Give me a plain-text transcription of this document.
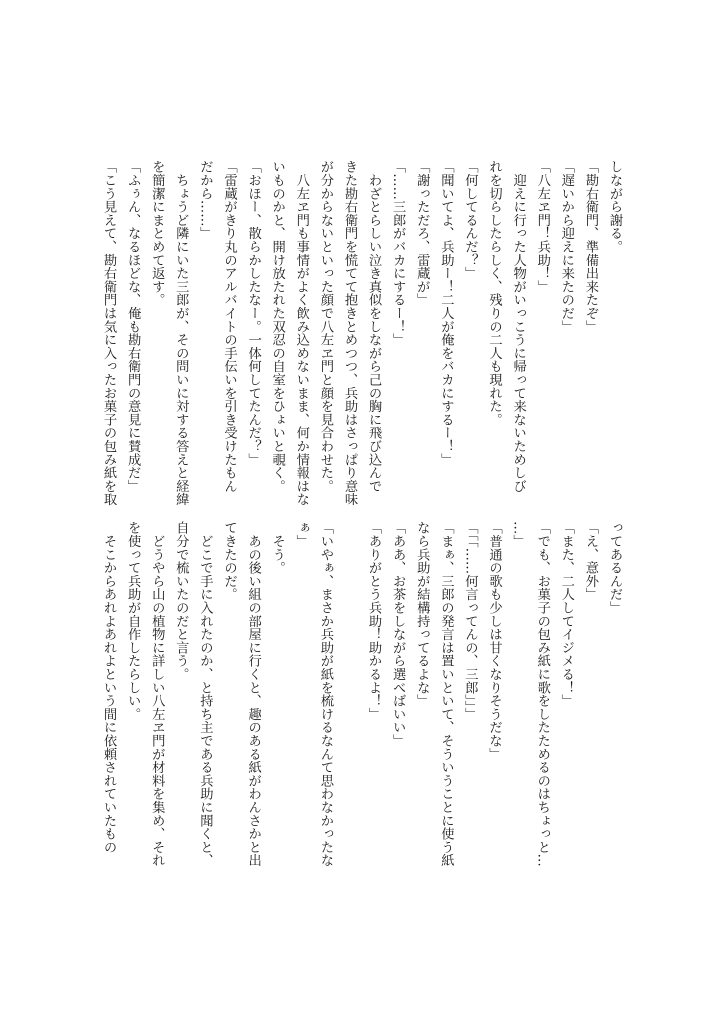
しながら謝る。
「勘右衛門、準備出来たぞ」
「遅いから迎えに来たのだ」
「八左ヱ門！兵助！」
　迎えに行った人物がいっこうに帰って来ないためしび
れを切らしたらしく、残りの二人も現れた。
「何してるんだ？」
「聞いてよ、兵助ー！二人が俺をバカにするー！」
「謝っただろ、雷蔵が」
「……三郎がバカにするー！」
　わざとらしい泣き真似をしながら己の胸に飛び込んで
きた勘右衛門を慌てて抱きとめつつ、兵助はさっぱり意味
が分からないといった顔で八左ヱ門と顔を見合わせた。
　八左ヱ門も事情がよく飲み込めないまま、何か情報はな
いものかと、開け放たれた双忍の自室をひょいと覗く。
「おほー、散らかしたなー。一体何してたんだ？」
「雷蔵がきり丸のアルバイトの手伝いを引き受けたもん
だから……」
　ちょうど隣にいた三郎が、その問いに対する答えと経緯
を簡潔にまとめて返す。
「ふぅん、なるほどな、俺も勘右衛門の意見に賛成だ」
「こう見えて、勘右衛門は気に入ったお菓子の包み紙を取
ってあるんだ」
「え、意外」
「また、二人してイジメる！」
「でも、お菓子の包み紙に歌をしたためるのはちょっと…
…」
「普通の歌も少しは甘くなりそうだな」
「「「……何言ってんの、三郎」」」
「まぁ、三郎の発言は置いといて、そういうことに使う紙
なら兵助が結構持ってるよな」
「ああ、お茶をしながら選べばいい」
「ありがとう兵助！助かるよ！」
「いやぁ、まさか兵助が紙を梳けるなんて思わなかったな
ぁ」
　そう。
　あの後い組の部屋に行くと、趣のある紙がわんさかと出
てきたのだ。
　どこで手に入れたのか、と持ち主である兵助に聞くと、
自分で梳いたのだと言う。
　どうやら山の植物に詳しい八左ヱ門が材料を集め、それ
を使って兵助が自作したらしい。
　そこからあれよあれよという間に依頼されていたもの
